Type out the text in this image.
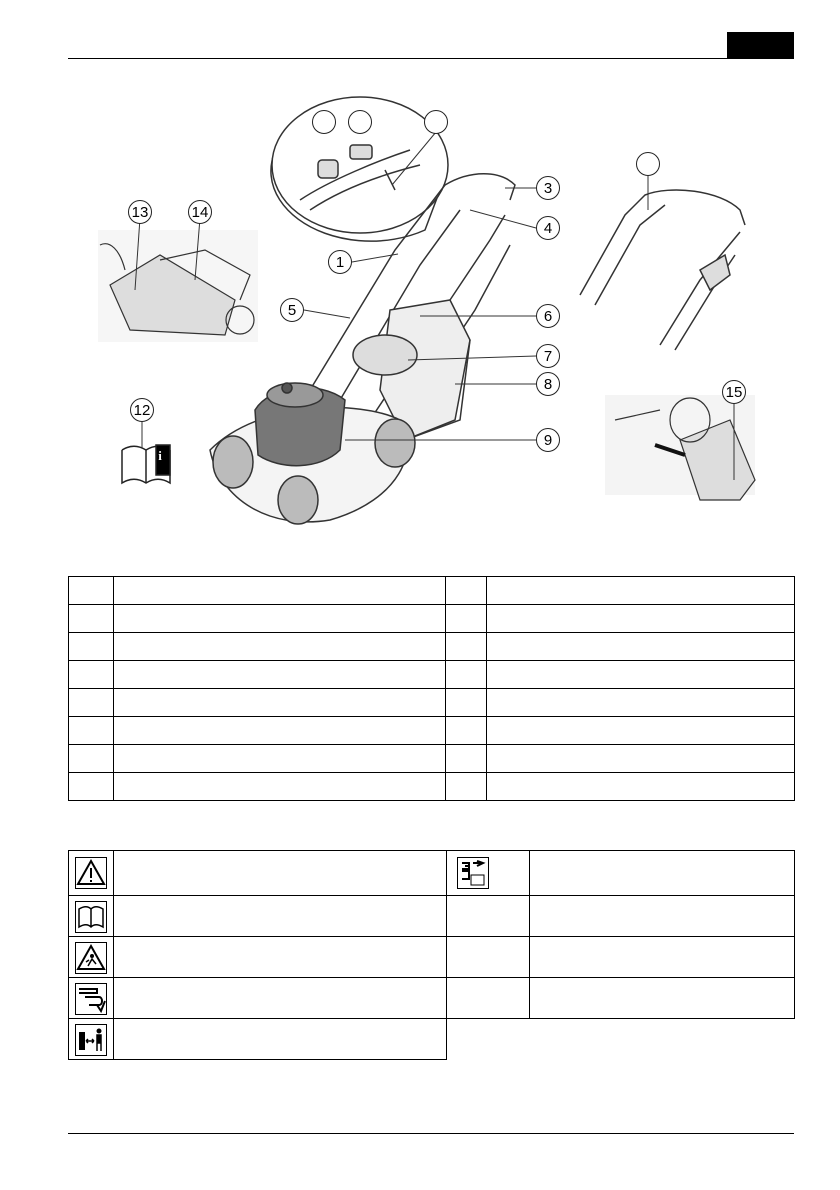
i
1
3
4
5	6
7
8
9
13	14
12
15
